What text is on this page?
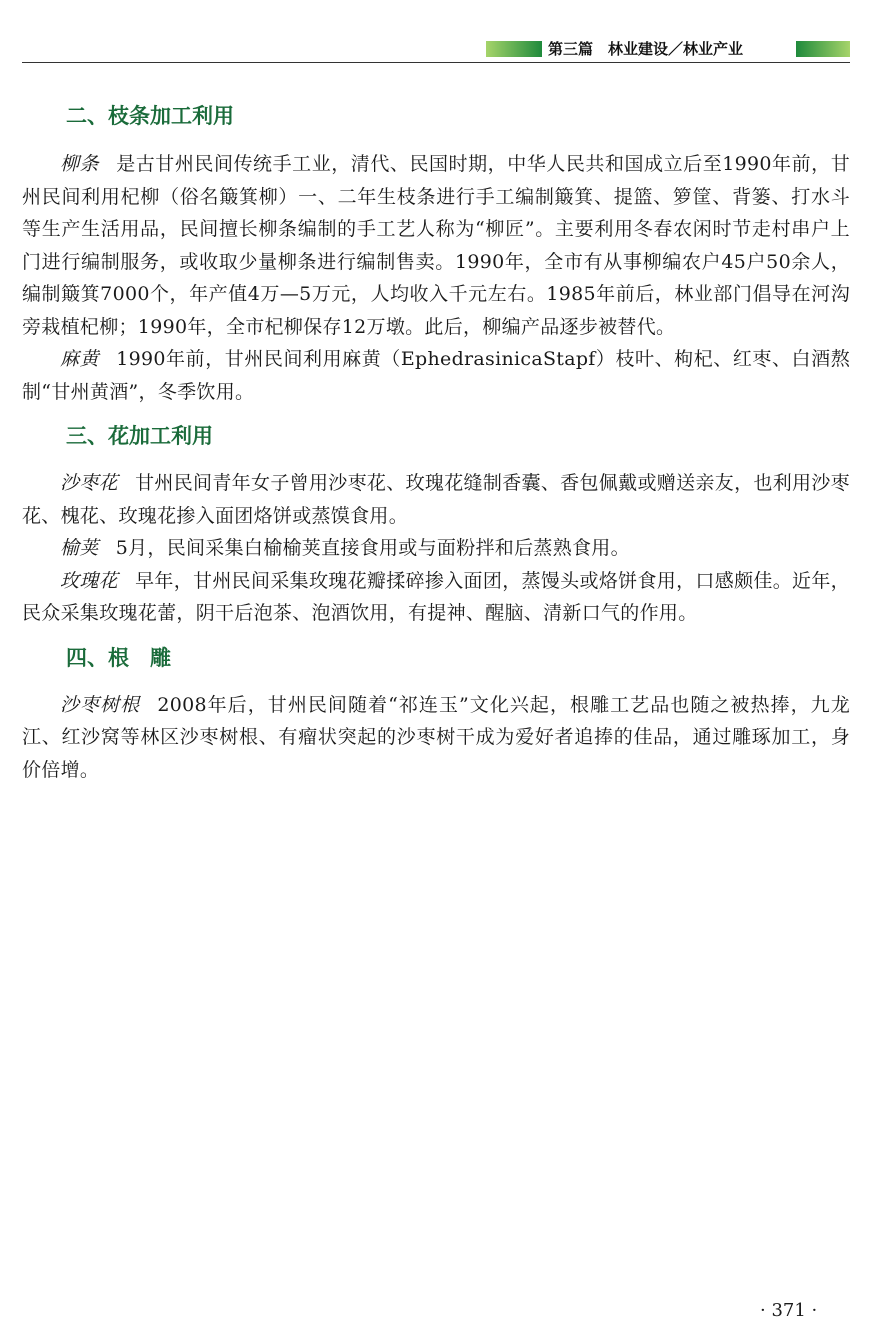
第三篇　林业建设／林业产业
二、枝条加工利用

柳条 是古甘州民间传统手工业，清代、民国时期，中华人民共和国成立后至1990年前，甘州民间利用杞柳（俗名簸箕柳）一、二年生枝条进行手工编制簸箕、提篮、箩筐、背篓、打水斗等生产生活用品，民间擅长柳条编制的手工艺人称为“柳匠”。主要利用冬春农闲时节走村串户上门进行编制服务，或收取少量柳条进行编制售卖。1990年，全市有从事柳编农户45户50余人，编制簸箕7000个，年产值4万—5万元，人均收入千元左右。1985年前后，林业部门倡导在河沟旁栽植杞柳；1990年，全市杞柳保存12万墩。此后，柳编产品逐步被替代。

麻黄 1990年前，甘州民间利用麻黄（EphedrasinicaStapf）枝叶、枸杞、红枣、白酒熬制“甘州黄酒”，冬季饮用。

三、花加工利用

沙枣花 甘州民间青年女子曾用沙枣花、玫瑰花缝制香囊、香包佩戴或赠送亲友，也利用沙枣花、槐花、玫瑰花掺入面团烙饼或蒸馍食用。

榆荚 5月，民间采集白榆榆荚直接食用或与面粉拌和后蒸熟食用。

玫瑰花 早年，甘州民间采集玫瑰花瓣揉碎掺入面团，蒸馒头或烙饼食用，口感颇佳。近年，民众采集玫瑰花蕾，阴干后泡茶、泡酒饮用，有提神、醒脑、清新口气的作用。

四、根　雕

沙枣树根 2008年后，甘州民间随着“祁连玉”文化兴起，根雕工艺品也随之被热捧，九龙江、红沙窝等林区沙枣树根、有瘤状突起的沙枣树干成为爱好者追捧的佳品，通过雕琢加工，身价倍增。

· 371 ·
